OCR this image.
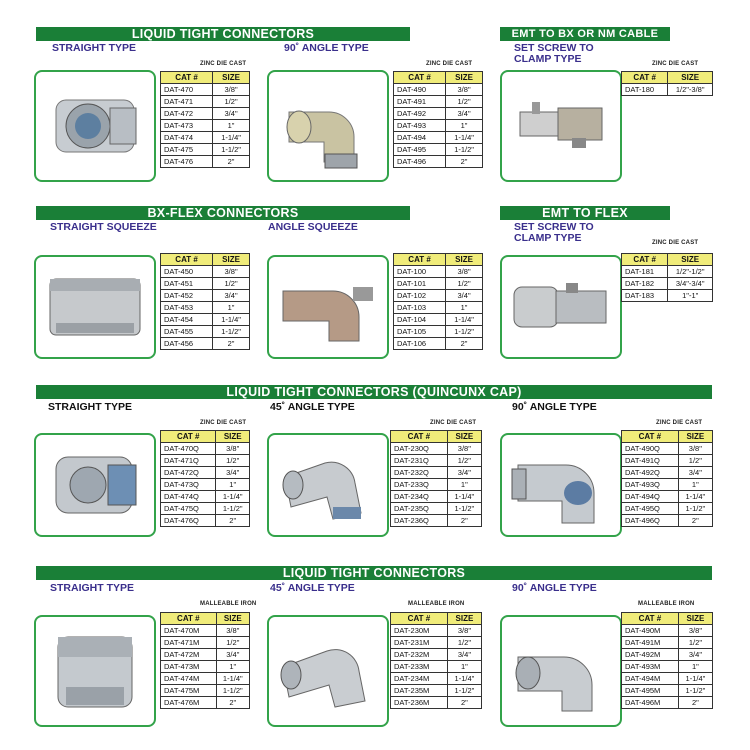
LIQUID TIGHT CONNECTORS
STRAIGHT TYPE	90˚ ANGLE TYPE
ZINC DIE CAST	ZINC DIE CAST
CAT #	SIZE
DAT-470	3/8"
DAT-471	1/2"
DAT-472	3/4"
DAT-473	1"
DAT-474	1-1/4"
DAT-475	1-1/2"
DAT-476	2"
CAT #	SIZE
DAT-490	3/8"
DAT-491	1/2"
DAT-492	3/4"
DAT-493	1"
DAT-494	1-1/4"
DAT-495	1-1/2"
DAT-496	2"
EMT TO BX OR NM CABLE
SET SCREW TO CLAMP TYPE	ZINC DIE CAST
CAT #	SIZE
DAT-180	1/2"-3/8"
BX-FLEX CONNECTORS
STRAIGHT SQUEEZE	ANGLE SQUEEZE
CAT #	SIZE
DAT-450	3/8"
DAT-451	1/2"
DAT-452	3/4"
DAT-453	1"
DAT-454	1-1/4"
DAT-455	1-1/2"
DAT-456	2"
CAT #	SIZE
DAT-100	3/8"
DAT-101	1/2"
DAT-102	3/4"
DAT-103	1"
DAT-104	1-1/4"
DAT-105	1-1/2"
DAT-106	2"
EMT TO FLEX
SET SCREW TO CLAMP TYPE	ZINC DIE CAST
CAT #	SIZE
DAT-181	1/2"-1/2"
DAT-182	3/4"-3/4"
DAT-183	1"-1"
LIQUID TIGHT CONNECTORS (QUINCUNX CAP)
STRAIGHT TYPE	45˚ ANGLE TYPE	90˚ ANGLE TYPE
ZINC DIE CAST	ZINC DIE CAST	ZINC DIE CAST
CAT #	SIZE
DAT-470Q	3/8"
DAT-471Q	1/2"
DAT-472Q	3/4"
DAT-473Q	1"
DAT-474Q	1-1/4"
DAT-475Q	1-1/2"
DAT-476Q	2"
CAT #	SIZE
DAT-230Q	3/8"
DAT-231Q	1/2"
DAT-232Q	3/4"
DAT-233Q	1"
DAT-234Q	1-1/4"
DAT-235Q	1-1/2"
DAT-236Q	2"
CAT #	SIZE
DAT-490Q	3/8"
DAT-491Q	1/2"
DAT-492Q	3/4"
DAT-493Q	1"
DAT-494Q	1-1/4"
DAT-495Q	1-1/2"
DAT-496Q	2"
LIQUID TIGHT CONNECTORS
STRAIGHT TYPE	45˚ ANGLE TYPE	90˚ ANGLE TYPE
MALLEABLE IRON	MALLEABLE IRON	MALLEABLE IRON
CAT #	SIZE
DAT-470M	3/8"
DAT-471M	1/2"
DAT-472M	3/4"
DAT-473M	1"
DAT-474M	1-1/4"
DAT-475M	1-1/2"
DAT-476M	2"
CAT #	SIZE
DAT-230M	3/8"
DAT-231M	1/2"
DAT-232M	3/4"
DAT-233M	1"
DAT-234M	1-1/4"
DAT-235M	1-1/2"
DAT-236M	2"
CAT #	SIZE
DAT-490M	3/8"
DAT-491M	1/2"
DAT-492M	3/4"
DAT-493M	1"
DAT-494M	1-1/4"
DAT-495M	1-1/2"
DAT-496M	2"
